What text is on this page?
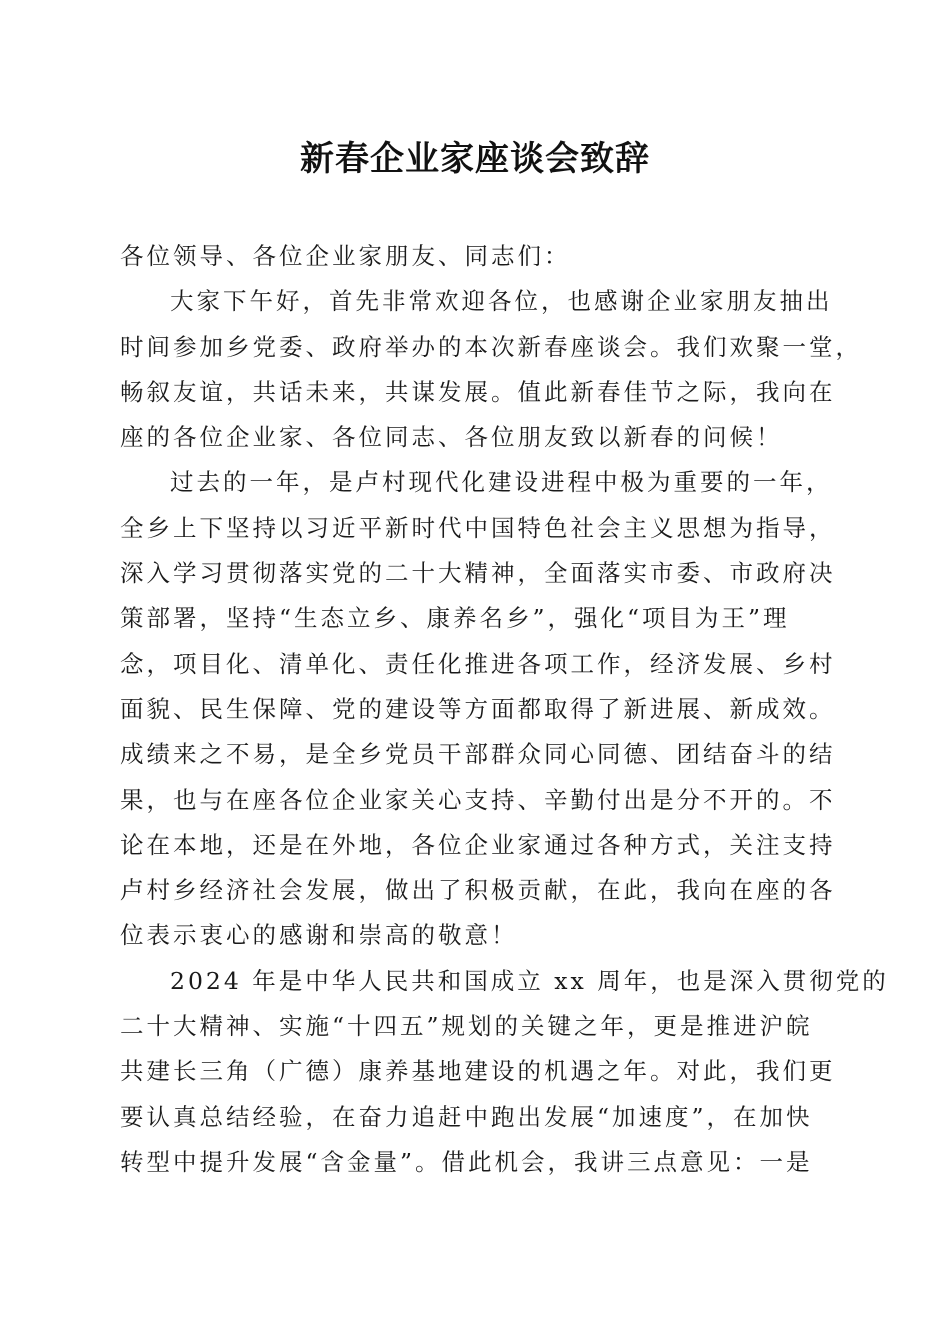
新春企业家座谈会致辞
各位领导、各位企业家朋友、同志们：
大家下午好，首先非常欢迎各位，也感谢企业家朋友抽出
时间参加乡党委、政府举办的本次新春座谈会。我们欢聚一堂，
畅叙友谊，共话未来，共谋发展。值此新春佳节之际，我向在
座的各位企业家、各位同志、各位朋友致以新春的问候！
过去的一年，是卢村现代化建设进程中极为重要的一年，
全乡上下坚持以习近平新时代中国特色社会主义思想为指导，
深入学习贯彻落实党的二十大精神，全面落实市委、市政府决
策部署，坚持“生态立乡、康养名乡”，强化“项目为王”理
念，项目化、清单化、责任化推进各项工作，经济发展、乡村
面貌、民生保障、党的建设等方面都取得了新进展、新成效。
成绩来之不易，是全乡党员干部群众同心同德、团结奋斗的结
果，也与在座各位企业家关心支持、辛勤付出是分不开的。不
论在本地，还是在外地，各位企业家通过各种方式，关注支持
卢村乡经济社会发展，做出了积极贡献，在此，我向在座的各
位表示衷心的感谢和崇高的敬意！
2024 年是中华人民共和国成立 xx 周年，也是深入贯彻党的
二十大精神、实施“十四五”规划的关键之年，更是推进沪皖
共建长三角（广德）康养基地建设的机遇之年。对此，我们更
要认真总结经验，在奋力追赶中跑出发展“加速度”，在加快
转型中提升发展“含金量”。借此机会，我讲三点意见：一是
